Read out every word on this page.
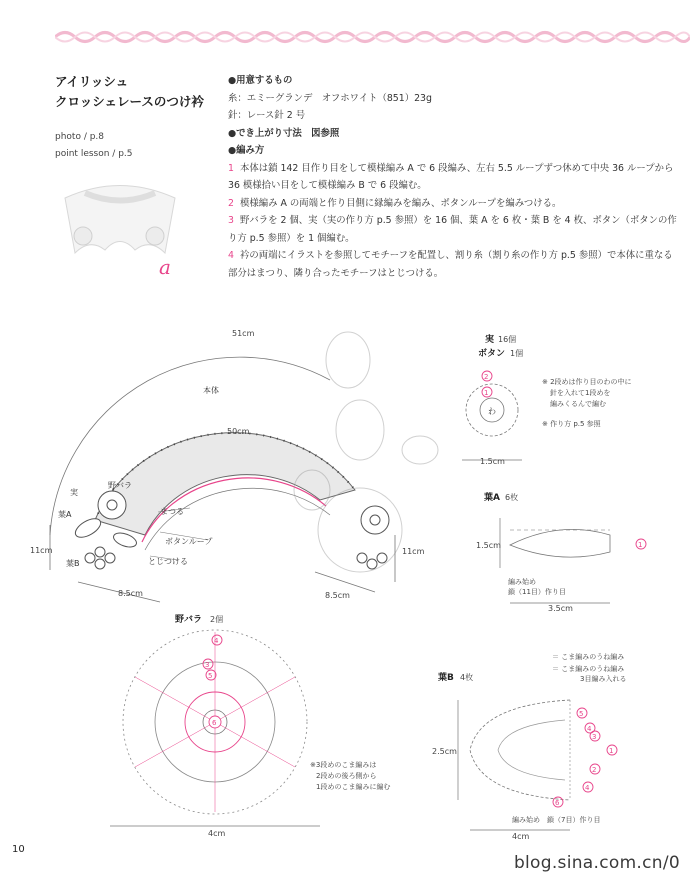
アイリッシュ
クロッシェレースのつけ衿
photo / p.8
point lesson / p.5
a
●用意するもの
糸：エミーグランデ　オフホワイト（851）23g
針：レース針 2 号
●でき上がり寸法　図参照
●編み方
1 本体は鎖 142 目作り目をして模様編み A で 6 段編み、左右 5.5 ループずつ休めて中央 36 ループから 36 模様拾い目をして模様編み B で 6 段編む。
2 模様編み A の両端と作り目側に縁編みを編み、ボタンループを編みつける。
3 野バラを 2 個、実（実の作り方 p.5 参照）を 16 個、葉 A を 6 枚・葉 B を 4 枚、ボタン（ボタンの作り方 p.5 参照）を 1 個編む。
4 衿の両端にイラストを参照してモチーフを配置し、割り糸（割り糸の作り方 p.5 参照）で本体に重なる部分はまつり、隣り合ったモチーフはとじつける。
51cm
本体
50cm
実
野バラ
葉A	まつる
ボタンループ
とじつける
葉B
11cm	11cm
8.5cm	8.5cm
実 16個
ボタン 1個
わ
2
1
※ 2段めは作り目のわの中に
針を入れて1段めを
編みくるんで編む
※ 作り方 p.5 参照
1.5cm
葉A 6枚
1.5cm	1
編み始め
鎖（11目）作り目
3.5cm
野バラ 2個
4
3
5
6
※3段めのこま編みは
2段めの後ろ側から
1段めのこま編みに編む
4cm
＝ こま編みのうね編み
＝ こま編みのうね編み
3目編み入れる
葉B 4枚
2.5cm
5
4
3
1
2
4
6
編み始め　鎖（7目）作り目
4cm
10
blog.sina.com.cn/0
